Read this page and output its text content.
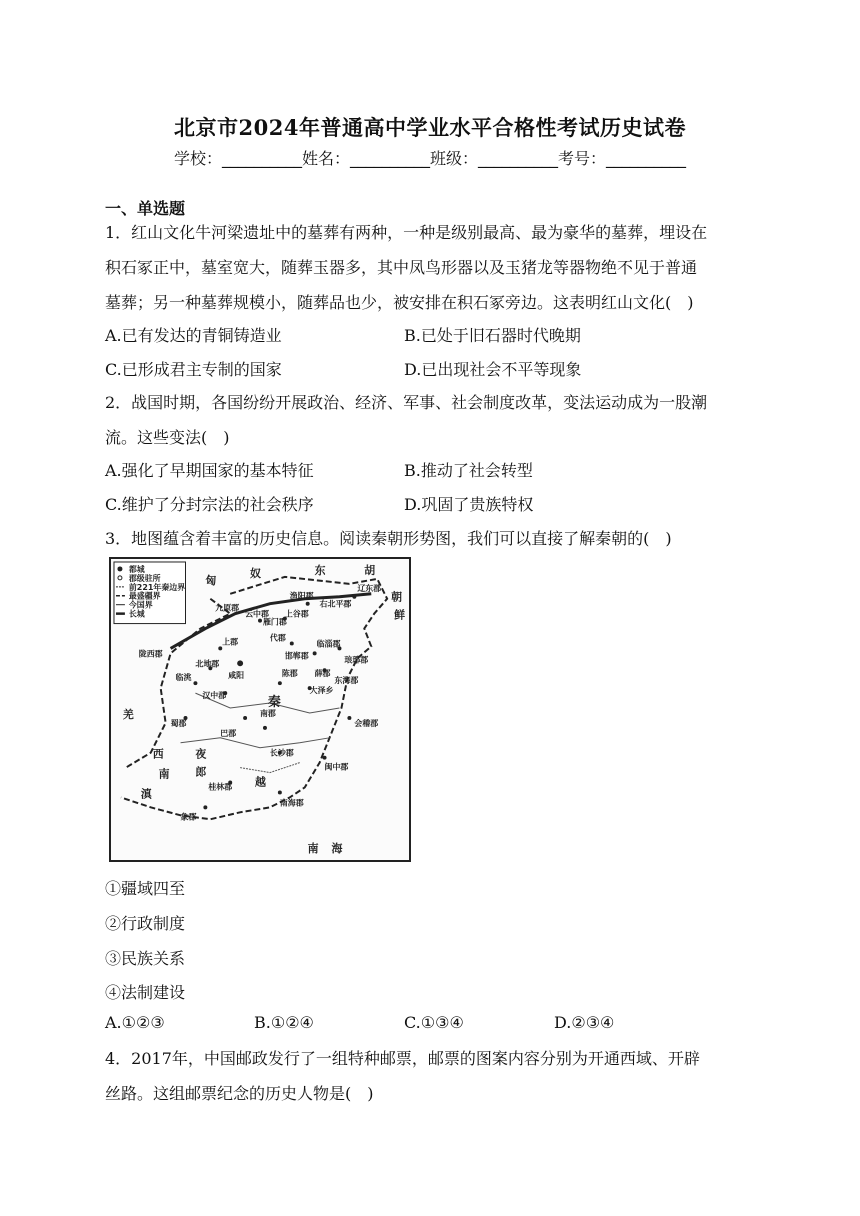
北京市2024年普通高中学业水平合格性考试历史试卷
学校：__________姓名：__________班级：__________考号：__________
一、单选题
1．红山文化牛河梁遗址中的墓葬有两种，一种是级别最高、最为豪华的墓葬，埋设在
积石冢正中，墓室宽大，随葬玉器多，其中凤鸟形器以及玉猪龙等器物绝不见于普通
墓葬；另一种墓葬规模小，随葬品也少，被安排在积石冢旁边。这表明红山文化(　)
A.已有发达的青铜铸造业	B.已处于旧石器时代晚期
C.已形成君主专制的国家	D.已出现社会不平等现象
2．战国时期，各国纷纷开展政治、经济、军事、社会制度改革，变法运动成为一股潮
流。这些变法(　)
A.强化了早期国家的基本特征	B.推动了社会转型
C.维护了分封宗法的社会秩序	D.巩固了贵族特权
3．地图蕴含着丰富的历史信息。阅读秦朝形势图，我们可以直接了解秦朝的(　)
都城
郡级驻所
前221年秦边界
最盛疆界
今国界
长城
匈
奴	东	胡
朝
鲜
羌
西
南
越
夜
郎
滇
九原郡
云中郡
雁门郡
渔阳郡
辽东郡
右北平郡
代郡
上谷郡
邯郸郡
临淄郡
琅琊郡
薛郡
东海郡
上郡
北地郡
陇西郡
临洮	咸阳
汉中郡
蜀郡
巴郡
南郡
长沙郡
会稽郡
闽中郡
桂林郡
象郡
南海郡
陈郡
大泽乡
秦
南 海
①疆域四至
②行政制度
③民族关系
④法制建设
A.①②③	B.①②④	C.①③④	D.②③④
4．2017年，中国邮政发行了一组特种邮票，邮票的图案内容分别为开通西域、开辟
丝路。这组邮票纪念的历史人物是(　)
